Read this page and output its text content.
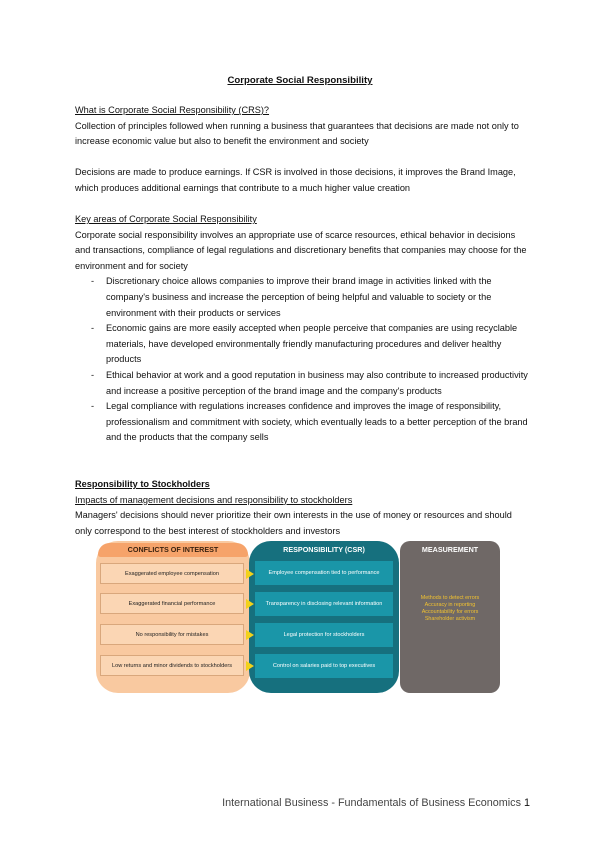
Corporate Social Responsibility
What is Corporate Social Responsibility (CRS)?

Collection of principles followed when running a business that guarantees that decisions are made not only to increase economic value but also to benefit the environment and society

Decisions are made to produce earnings. If CSR is involved in those decisions, it improves the Brand Image, which produces additional earnings that contribute to a much higher value creation

Key areas of Corporate Social Responsibility

Corporate social responsibility involves an appropriate use of scarce resources, ethical behavior in decisions and transactions, compliance of legal regulations and discretionary benefits that companies may choose for the environment and for society

- Discretionary choice allows companies to improve their brand image in activities linked with the company's business and increase the perception of being helpful and valuable to society or the environment with their products or services
- Economic gains are more easily accepted when people perceive that companies are using recyclable materials, have developed environmentally friendly manufacturing procedures and deliver healthy products
- Ethical behavior at work and a good reputation in business may also contribute to increased productivity and increase a positive perception of the brand image and the company's products
- Legal compliance with regulations increases confidence and improves the image of responsibility, professionalism and commitment with society, which eventually leads to a better perception of the brand and the products that the company sells
Responsibility to Stockholders
Impacts of management decisions and responsibility to stockholders

Managers' decisions should never prioritize their own interests in the use of money or resources and should only correspond to the best interest of stockholders and investors

CONFLICTS OF INTEREST
Exaggerated employee compensation
Exaggerated financial performance
No responsibility for mistakes
Low returns and minor dividends to stockholders
RESPONSIBILITY (CSR)
Employee compensation tied to performance
Transparency in disclosing relevant information
Legal protection for stockholders
Control on salaries paid to top executives
MEASUREMENT
Methods to detect errors
Accuracy in reporting
Accountability for errors
Shareholder activism
International Business - Fundamentals of Business Economics 1
